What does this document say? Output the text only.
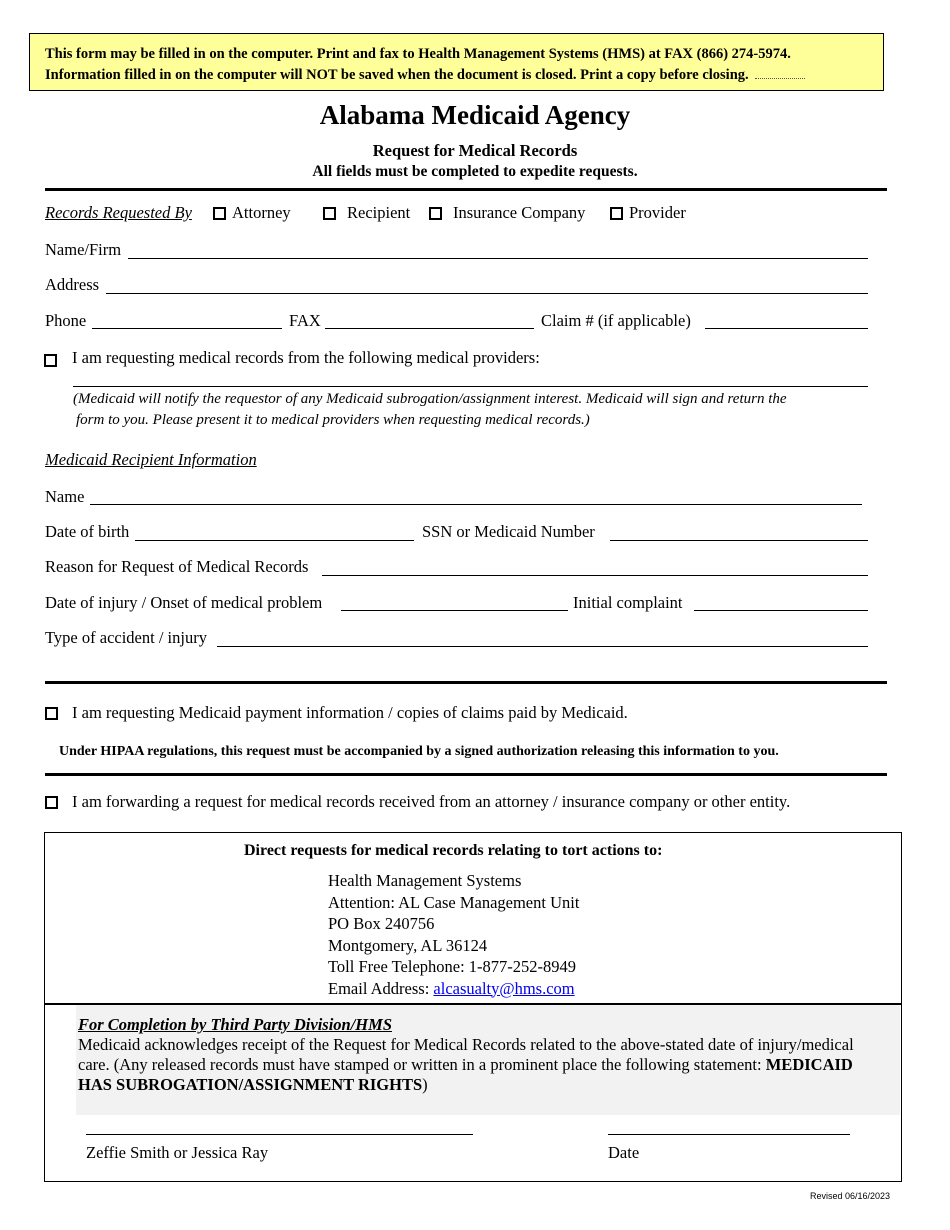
This form may be filled in on the computer. Print and fax to Health Management Systems (HMS) at FAX (866) 274-5974.
Information filled in on the computer will NOT be saved when the document is closed. Print a copy before closing.
Alabama Medicaid Agency
Request for Medical Records
All fields must be completed to expedite requests.
Records Requested By Attorney	Recipient	Insurance Company	Provider
Name/Firm
Address
Phone	FAX	Claim # (if applicable)
I am requesting medical records from the following medical providers:
(Medicaid will notify the requestor of any Medicaid subrogation/assignment interest. Medicaid will sign and return the
form to you. Please present it to medical providers when requesting medical records.)
Medicaid Recipient Information
Name
Date of birth	SSN or Medicaid Number
Reason for Request of Medical Records
Date of injury / Onset of medical problem	Initial complaint
Type of accident / injury
I am requesting Medicaid payment information / copies of claims paid by Medicaid.
Under HIPAA regulations, this request must be accompanied by a signed authorization releasing this information to you.
I am forwarding a request for medical records received from an attorney / insurance company or other entity.
Direct requests for medical records relating to tort actions to:
Health Management Systems
Attention: AL Case Management Unit
PO Box 240756
Montgomery, AL 36124
Toll Free Telephone: 1-877-252-8949
Email Address: alcasualty@hms.com
For Completion by Third Party Division/HMS
Medicaid acknowledges receipt of the Request for Medical Records related to the above-stated date of injury/medical
care. (Any released records must have stamped or written in a prominent place the following statement: MEDICAID
HAS SUBROGATION/ASSIGNMENT RIGHTS)
Zeffie Smith or Jessica Ray	Date
Revised 06/16/2023
